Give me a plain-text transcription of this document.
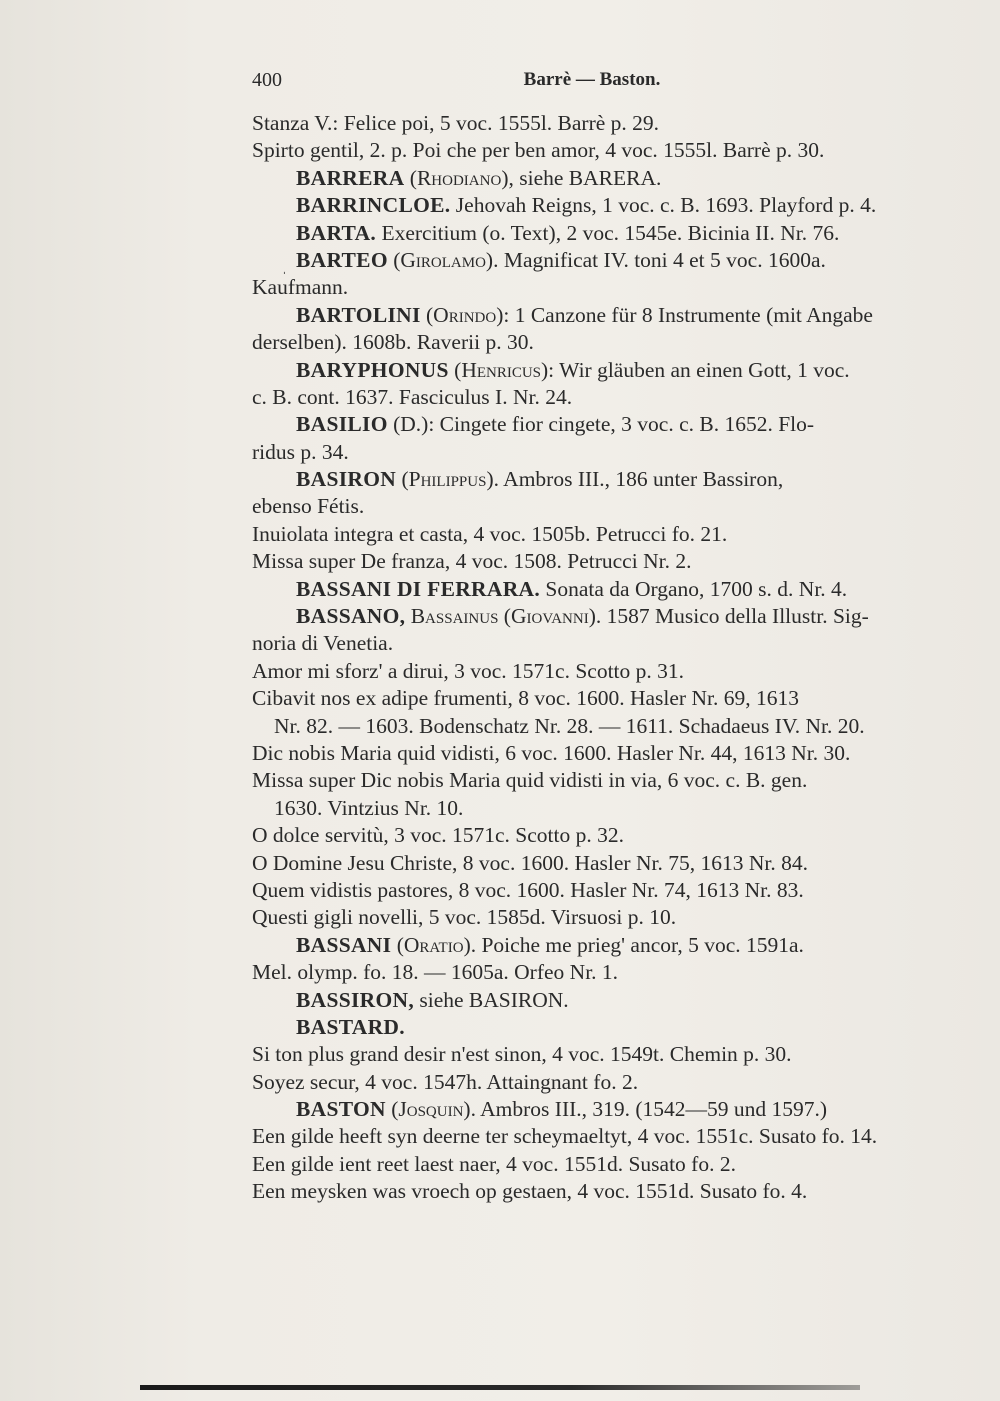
400	Barrè — Baston.
Stanza V.: Felice poi, 5 voc. 1555l. Barrè p. 29.
Spirto gentil, 2. p. Poi che per ben amor, 4 voc. 1555l. Barrè p. 30.
BARRERA (Rhodiano), siehe BARERA.
BARRINCLOE. Jehovah Reigns, 1 voc. c. B. 1693. Playford p. 4.
BARTA. Exercitium (o. Text), 2 voc. 1545e. Bicinia II. Nr. 76.
ˌ BARTEO (Girolamo). Magnificat IV. toni 4 et 5 voc. 1600a.
Kaufmann.
BARTOLINI (Orindo): 1 Canzone für 8 Instrumente (mit Angabe
derselben). 1608b. Raverii p. 30.
BARYPHONUS (Henricus): Wir gläuben an einen Gott, 1 voc.
c. B. cont. 1637. Fasciculus I. Nr. 24.
BASILIO (D.): Cingete fior cingete, 3 voc. c. B. 1652. Flo-
ridus p. 34.
BASIRON (Philippus). Ambros III., 186 unter Bassiron,
ebenso Fétis.
Inuiolata integra et casta, 4 voc. 1505b. Petrucci fo. 21.
Missa super De franza, 4 voc. 1508. Petrucci Nr. 2.
BASSANI DI FERRARA. Sonata da Organo, 1700 s. d. Nr. 4.
BASSANO, Bassainus (Giovanni). 1587 Musico della Illustr. Sig-
noria di Venetia.
Amor mi sforz' a dirui, 3 voc. 1571c. Scotto p. 31.
Cibavit nos ex adipe frumenti, 8 voc. 1600. Hasler Nr. 69, 1613
Nr. 82. — 1603. Bodenschatz Nr. 28. — 1611. Schadaeus IV. Nr. 20.
Dic nobis Maria quid vidisti, 6 voc. 1600. Hasler Nr. 44, 1613 Nr. 30.
Missa super Dic nobis Maria quid vidisti in via, 6 voc. c. B. gen.
1630. Vintzius Nr. 10.
O dolce servitù, 3 voc. 1571c. Scotto p. 32.
O Domine Jesu Christe, 8 voc. 1600. Hasler Nr. 75, 1613 Nr. 84.
Quem vidistis pastores, 8 voc. 1600. Hasler Nr. 74, 1613 Nr. 83.
Questi gigli novelli, 5 voc. 1585d. Virsuosi p. 10.
BASSANI (Oratio). Poiche me prieg' ancor, 5 voc. 1591a.
Mel. olymp. fo. 18. — 1605a. Orfeo Nr. 1.
BASSIRON, siehe BASIRON.
BASTARD.
Si ton plus grand desir n'est sinon, 4 voc. 1549t. Chemin p. 30.
Soyez secur, 4 voc. 1547h. Attaingnant fo. 2.
BASTON (Josquin). Ambros III., 319. (1542—59 und 1597.)
Een gilde heeft syn deerne ter scheymaeltyt, 4 voc. 1551c. Susato fo. 14.
Een gilde ient reet laest naer, 4 voc. 1551d. Susato fo. 2.
Een meysken was vroech op gestaen, 4 voc. 1551d. Susato fo. 4.
